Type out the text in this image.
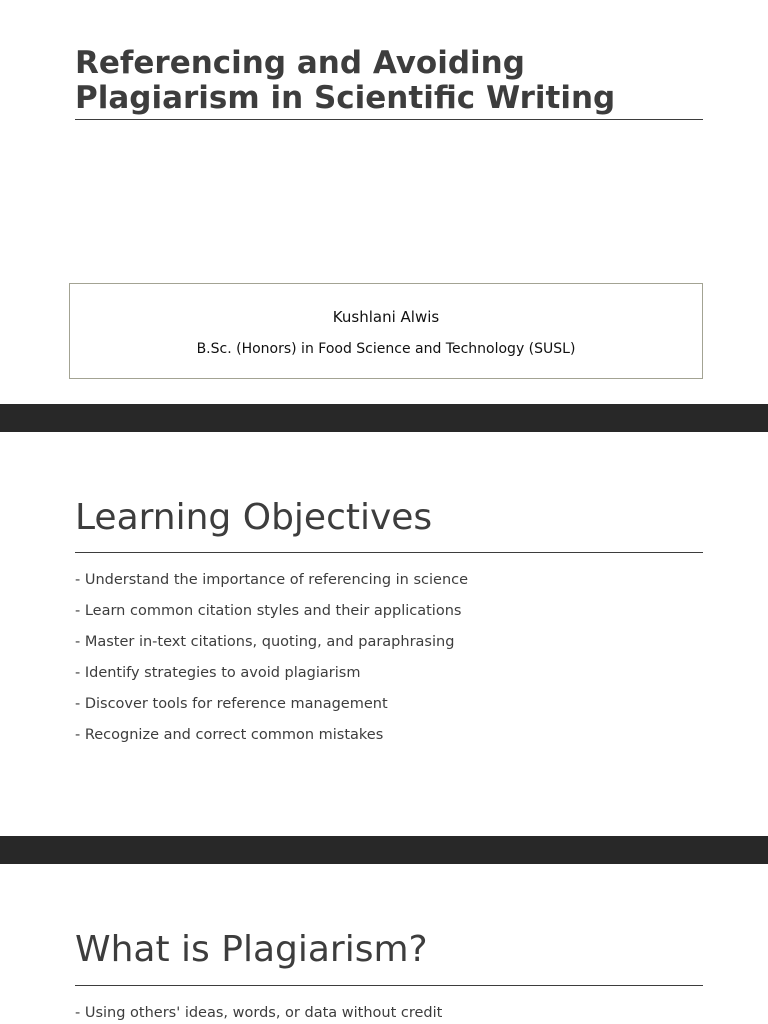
Referencing and Avoiding
Plagiarism in Scientific Writing
Kushlani Alwis
B.Sc. (Honors) in Food Science and Technology (SUSL)
Learning Objectives
- Understand the importance of referencing in science
- Learn common citation styles and their applications
- Master in-text citations, quoting, and paraphrasing
- Identify strategies to avoid plagiarism
- Discover tools for reference management
- Recognize and correct common mistakes
What is Plagiarism?
- Using others' ideas, words, or data without credit
